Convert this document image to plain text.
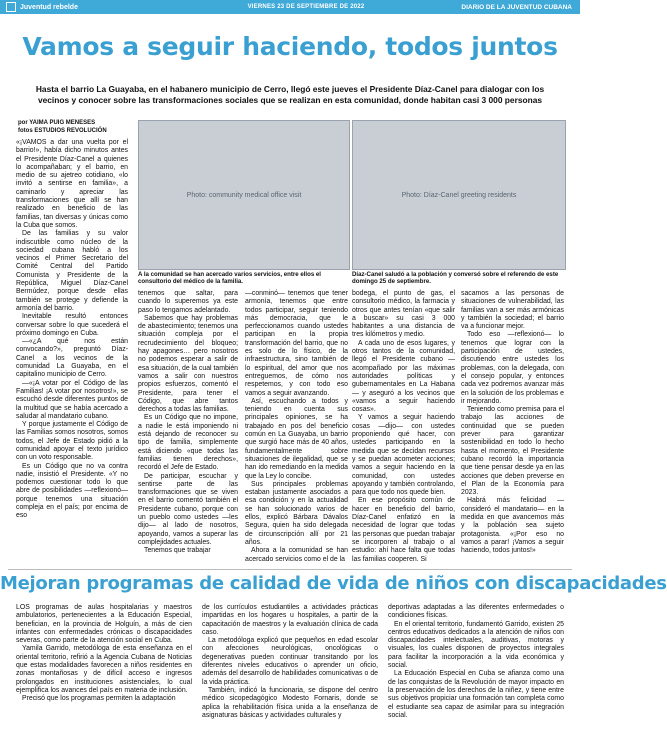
Juventud rebelde	VIERNES 23 DE SEPTIEMBRE DE 2022	DIARIO DE LA JUVENTUD CUBANA
Vamos a seguir haciendo, todos juntos

Hasta el barrio La Guayaba, en el habanero municipio de Cerro, llegó este jueves el Presidente Díaz-Canel para dialogar con los vecinos y conocer sobre las transformaciones sociales que se realizan en esta comunidad, donde habitan casi 3 000 personas

por YAIMA PUIG MENESES
fotos ESTUDIOS REVOLUCIÓN

«¡VAMOS a dar una vuelta por el barrio!», había dicho minutos antes el Presidente Díaz-Canel a quienes lo acompañaban; y el barrio, en medio de su ajetreo cotidiano, «lo invitó a sentirse en familia», a caminarlo y apreciar las transformaciones que allí se han realizado en beneficio de las familias, tan diversas y únicas como la Cuba que somos.

De las familias y su valor indiscutible como núcleo de la sociedad cubana habló a los vecinos el Primer Secretario del Comité Central del Partido Comunista y Presidente de la República, Miguel Díaz-Canel Bermúdez, porque desde ellas también se protege y defiende la armonía del barrio.

Inevitable resultó entonces conversar sobre lo que sucederá el próximo domingo en Cuba.

—«¿A qué nos están convocando?», preguntó Díaz-Canel a los vecinos de la comunidad La Guayaba, en el capitalino municipio de Cerro.

—«¡A votar por el Código de las Familias! ¡A votar por nosotros!», se escuchó desde diferentes puntos de la multitud que se había acercado a saludar al mandatario cubano.

Y porque justamente el Código de las Familias somos nosotros, somos todos, el Jefe de Estado pidió a la comunidad apoyar el texto jurídico con un voto responsable.

Es un Código que no va contra nadie, insistió el Presidente. «Y no podemos cuestionar todo lo que abre de posibilidades —reflexionó— porque tenemos una situación compleja en el país; por encima de eso

Photo: community medical office visit
A la comunidad se han acercado varios servicios, entre ellos el consultorio del médico de la familia.
Photo: Díaz-Canel greeting residents
Díaz-Canel saludó a la población y conversó sobre el referendo de este domingo 25 de septiembre.

tenemos que saltar, para cuando lo superemos ya este paso lo tengamos adelantado.

Sabemos que hay problemas de abastecimiento; tenemos una situación compleja por el recrudecimiento del bloqueo; hay apagones… pero nosotros no podemos esperar a salir de esa situación, de la cual también vamos a salir con nuestros propios esfuerzos, comentó el Presidente, para tener el Código, que abre tantos derechos a todas las familias.

Es un Código que no impone, a nadie le está imponiendo ni está dejando de reconocer su tipo de familia, simplemente está diciendo «que todas las familias tienen derechos», recordó el Jefe de Estado.

De participar, escuchar y sentirse parte de las transformaciones que se viven en el barrio comentó también el Presidente cubano, porque con un pueblo como ustedes —les dijo— al lado de nosotros, apoyando, vamos a superar las complejidades actuales.

Tenemos que trabajar

—conminó— tenemos que tener armonía, tenemos que entre todos participar, seguir teniendo más democracia, que le perfeccionamos cuando ustedes participan en la propia transformación del barrio, que no es solo de lo físico, de la infraestructura, sino también de lo espiritual, del amor que nos entreguemos, de cómo nos respetemos, y con todo eso vamos a seguir avanzando.

Así, escuchando a todos y teniendo en cuenta sus principales opiniones, se ha trabajado en pos del beneficio común en La Guayaba, un barrio que surgió hace más de 40 años, fundamentalmente sobre situaciones de ilegalidad, que se han ido remediando en la medida que la Ley lo concibe.

Sus principales problemas estaban justamente asociados a esa condición y en la actualidad se han solucionado varios de ellos, explicó Bárbara Dávalos Segura, quien ha sido delegada de circunscripción allí por 21 años.

Ahora a la comunidad se han acercado servicios como el de la

bodega, el punto de gas, el consultorio médico, la farmacia y otros que antes tenían «que salir a buscar» su casi 3 000 habitantes a una distancia de tres kilómetros y medio.

A cada uno de esos lugares, y otros tantos de la comunidad, llegó el Presidente cubano —acompañado por las máximas autoridades políticas y gubernamentales en La Habana— y aseguró a los vecinos que «vamos a seguir haciendo cosas».

Y vamos a seguir haciendo cosas —dijo— con ustedes proponiendo qué hacer, con ustedes participando en la medida que se decidan recursos y se puedan acometer acciones; vamos a seguir haciendo en la comunidad, con ustedes apoyando y también controlando, para que todo nos quede bien.

En ese propósito común de hacer en beneficio del barrio, Díaz-Canel enfatizó en la necesidad de lograr que todas las personas que puedan trabajar se incorporen al trabajo o al estudio: ahí hace falta que todas las familias cooperen. Si

sacamos a las personas de situaciones de vulnerabilidad, las familias van a ser más armónicas y también la sociedad; el barrio va a funcionar mejor.

Todo eso —reflexionó— lo tenemos que lograr con la participación de ustedes, discutiendo entre ustedes los problemas, con la delegada, con el consejo popular, y entonces cada vez podremos avanzar más en la solución de los problemas e ir mejorando.

Teniendo como premisa para el trabajo las acciones de continuidad que se pueden prever para garantizar sostenibilidad en todo lo hecho hasta el momento, el Presidente cubano recordó la importancia que tiene pensar desde ya en las acciones que deben preverse en el Plan de la Economía para 2023.

Habrá más felicidad —consideró el mandatario— en la medida en que avancemos más y la población sea sujeto protagonista. «¡Por eso no vamos a parar! ¡Vamos a seguir haciendo, todos juntos!»

Mejoran programas de calidad de vida de niños con discapacidades

LOS programas de aulas hospitalarias y maestros ambulatorios, pertenecientes a la Educación Especial, benefician, en la provincia de Holguín, a más de cien infantes con enfermedades crónicas o discapacidades severas, como parte de la atención social en Cuba.

Yamila Garrido, metodóloga de esta enseñanza en el oriental territorio, refirió a la Agencia Cubana de Noticias que estas modalidades favorecen a niños residentes en zonas montañosas y de difícil acceso e ingresos prolongados en instituciones asistenciales, lo cual ejemplifica los avances del país en materia de inclusión.

Precisó que los programas permiten la adaptación

de los currículos estudiantiles a actividades prácticas impartidas en los hogares u hospitales, a partir de la capacitación de maestros y la evaluación clínica de cada caso.

La metodóloga explicó que pequeños en edad escolar con afecciones neurológicas, oncológicas o degenerativas pueden continuar transitando por los diferentes niveles educativos o aprender un oficio, además del desarrollo de habilidades comunicativas o de la vida práctica.

También, indicó la funcionaria, se dispone del centro médico sicopedagógico Modesto Fornaris, donde se aplica la rehabilitación física unida a la enseñanza de asignaturas básicas y actividades culturales y

deportivas adaptadas a las diferentes enfermedades o condiciones físicas.

En el oriental territorio, fundamentó Garrido, existen 25 centros educativos dedicados a la atención de niños con discapacidades intelectuales, auditivas, motoras y visuales, los cuales disponen de proyectos integrales para facilitar la incorporación a la vida económica y social.

La Educación Especial en Cuba se afianza como una de las conquistas de la Revolución de mayor impacto en la preservación de los derechos de la niñez, y tiene entre sus objetivos propiciar una formación tan completa como el estudiante sea capaz de asimilar para su integración social.
